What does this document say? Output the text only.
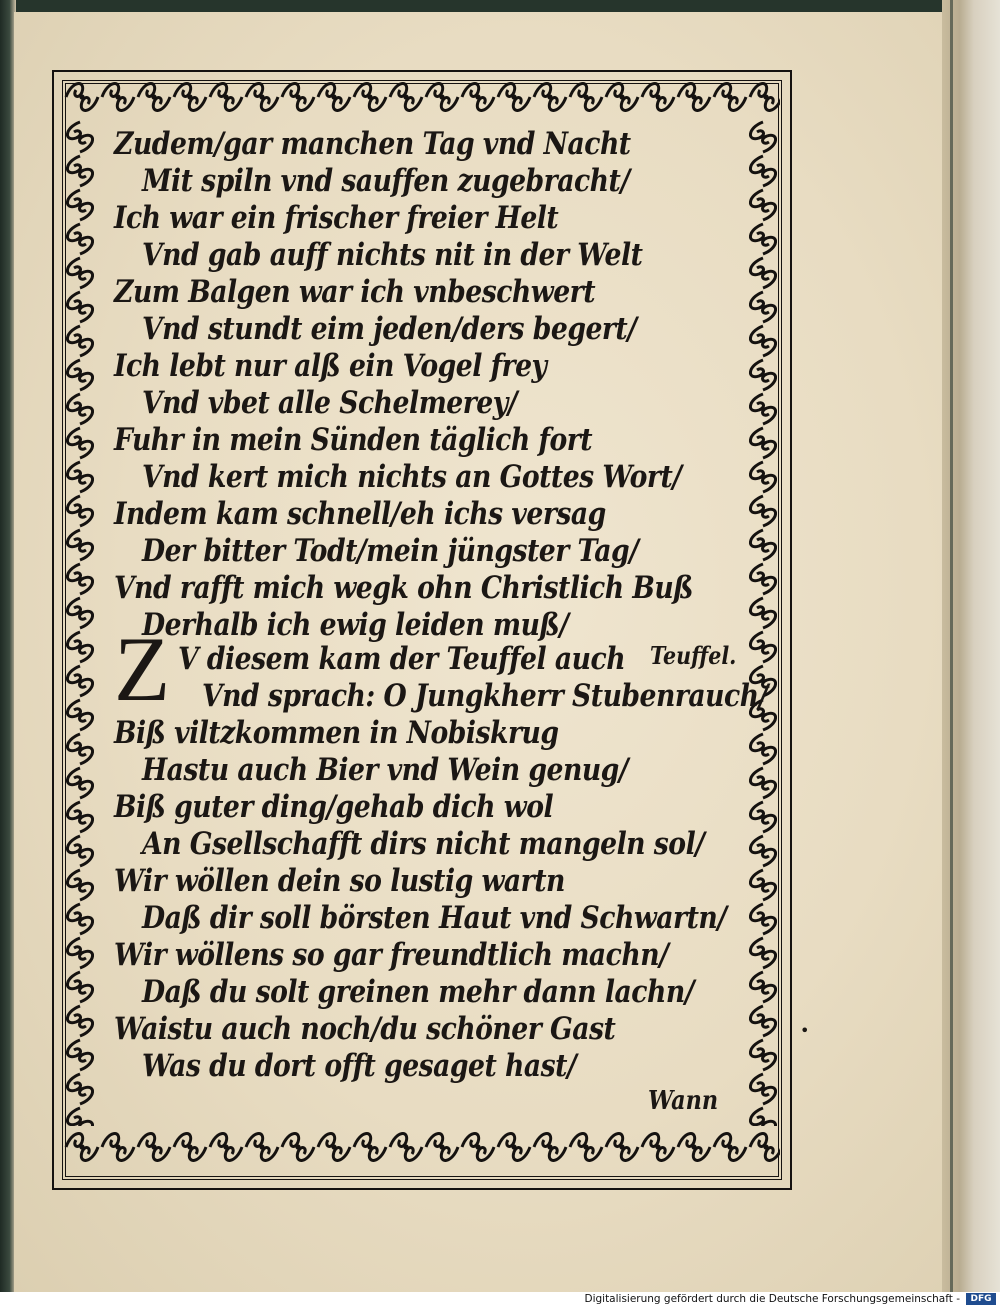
Zudem/gar manchen Tag vnd Nacht
Mit spiln vnd sauffen zugebracht/
Ich war ein frischer freier Helt
Vnd gab auff nichts nit in der Welt
Zum Balgen war ich vnbeschwert
Vnd stundt eim jeden/ders begert/
Ich lebt nur alß ein Vogel frey
Vnd vbet alle Schelmerey/
Fuhr in mein Sünden täglich fort
Vnd kert mich nichts an Gottes Wort/
Indem kam schnell/eh ichs versag
Der bitter Todt/mein jüngster Tag/
Vnd rafft mich wegk ohn Christlich Buß
Derhalb ich ewig leiden muß/
Z V diesem kam der Teuffel auch
Vnd sprach: O Jungkherr Stubenrauch/
Biß viltzkommen in Nobiskrug
Hastu auch Bier vnd Wein genug/
Biß guter ding/gehab dich wol
An Gsellschafft dirs nicht mangeln sol/
Wir wöllen dein so lustig wartn
Daß dir soll börsten Haut vnd Schwartn/
Wir wöllens so gar freundtlich machn/
Daß du solt greinen mehr dann lachn/
Waistu auch noch/du schöner Gast
Was du dort offt gesaget hast/
Teuffel.
Wann
•
Digitalisierung gefördert durch die Deutsche Forschungsgemeinschaft -	DFG
